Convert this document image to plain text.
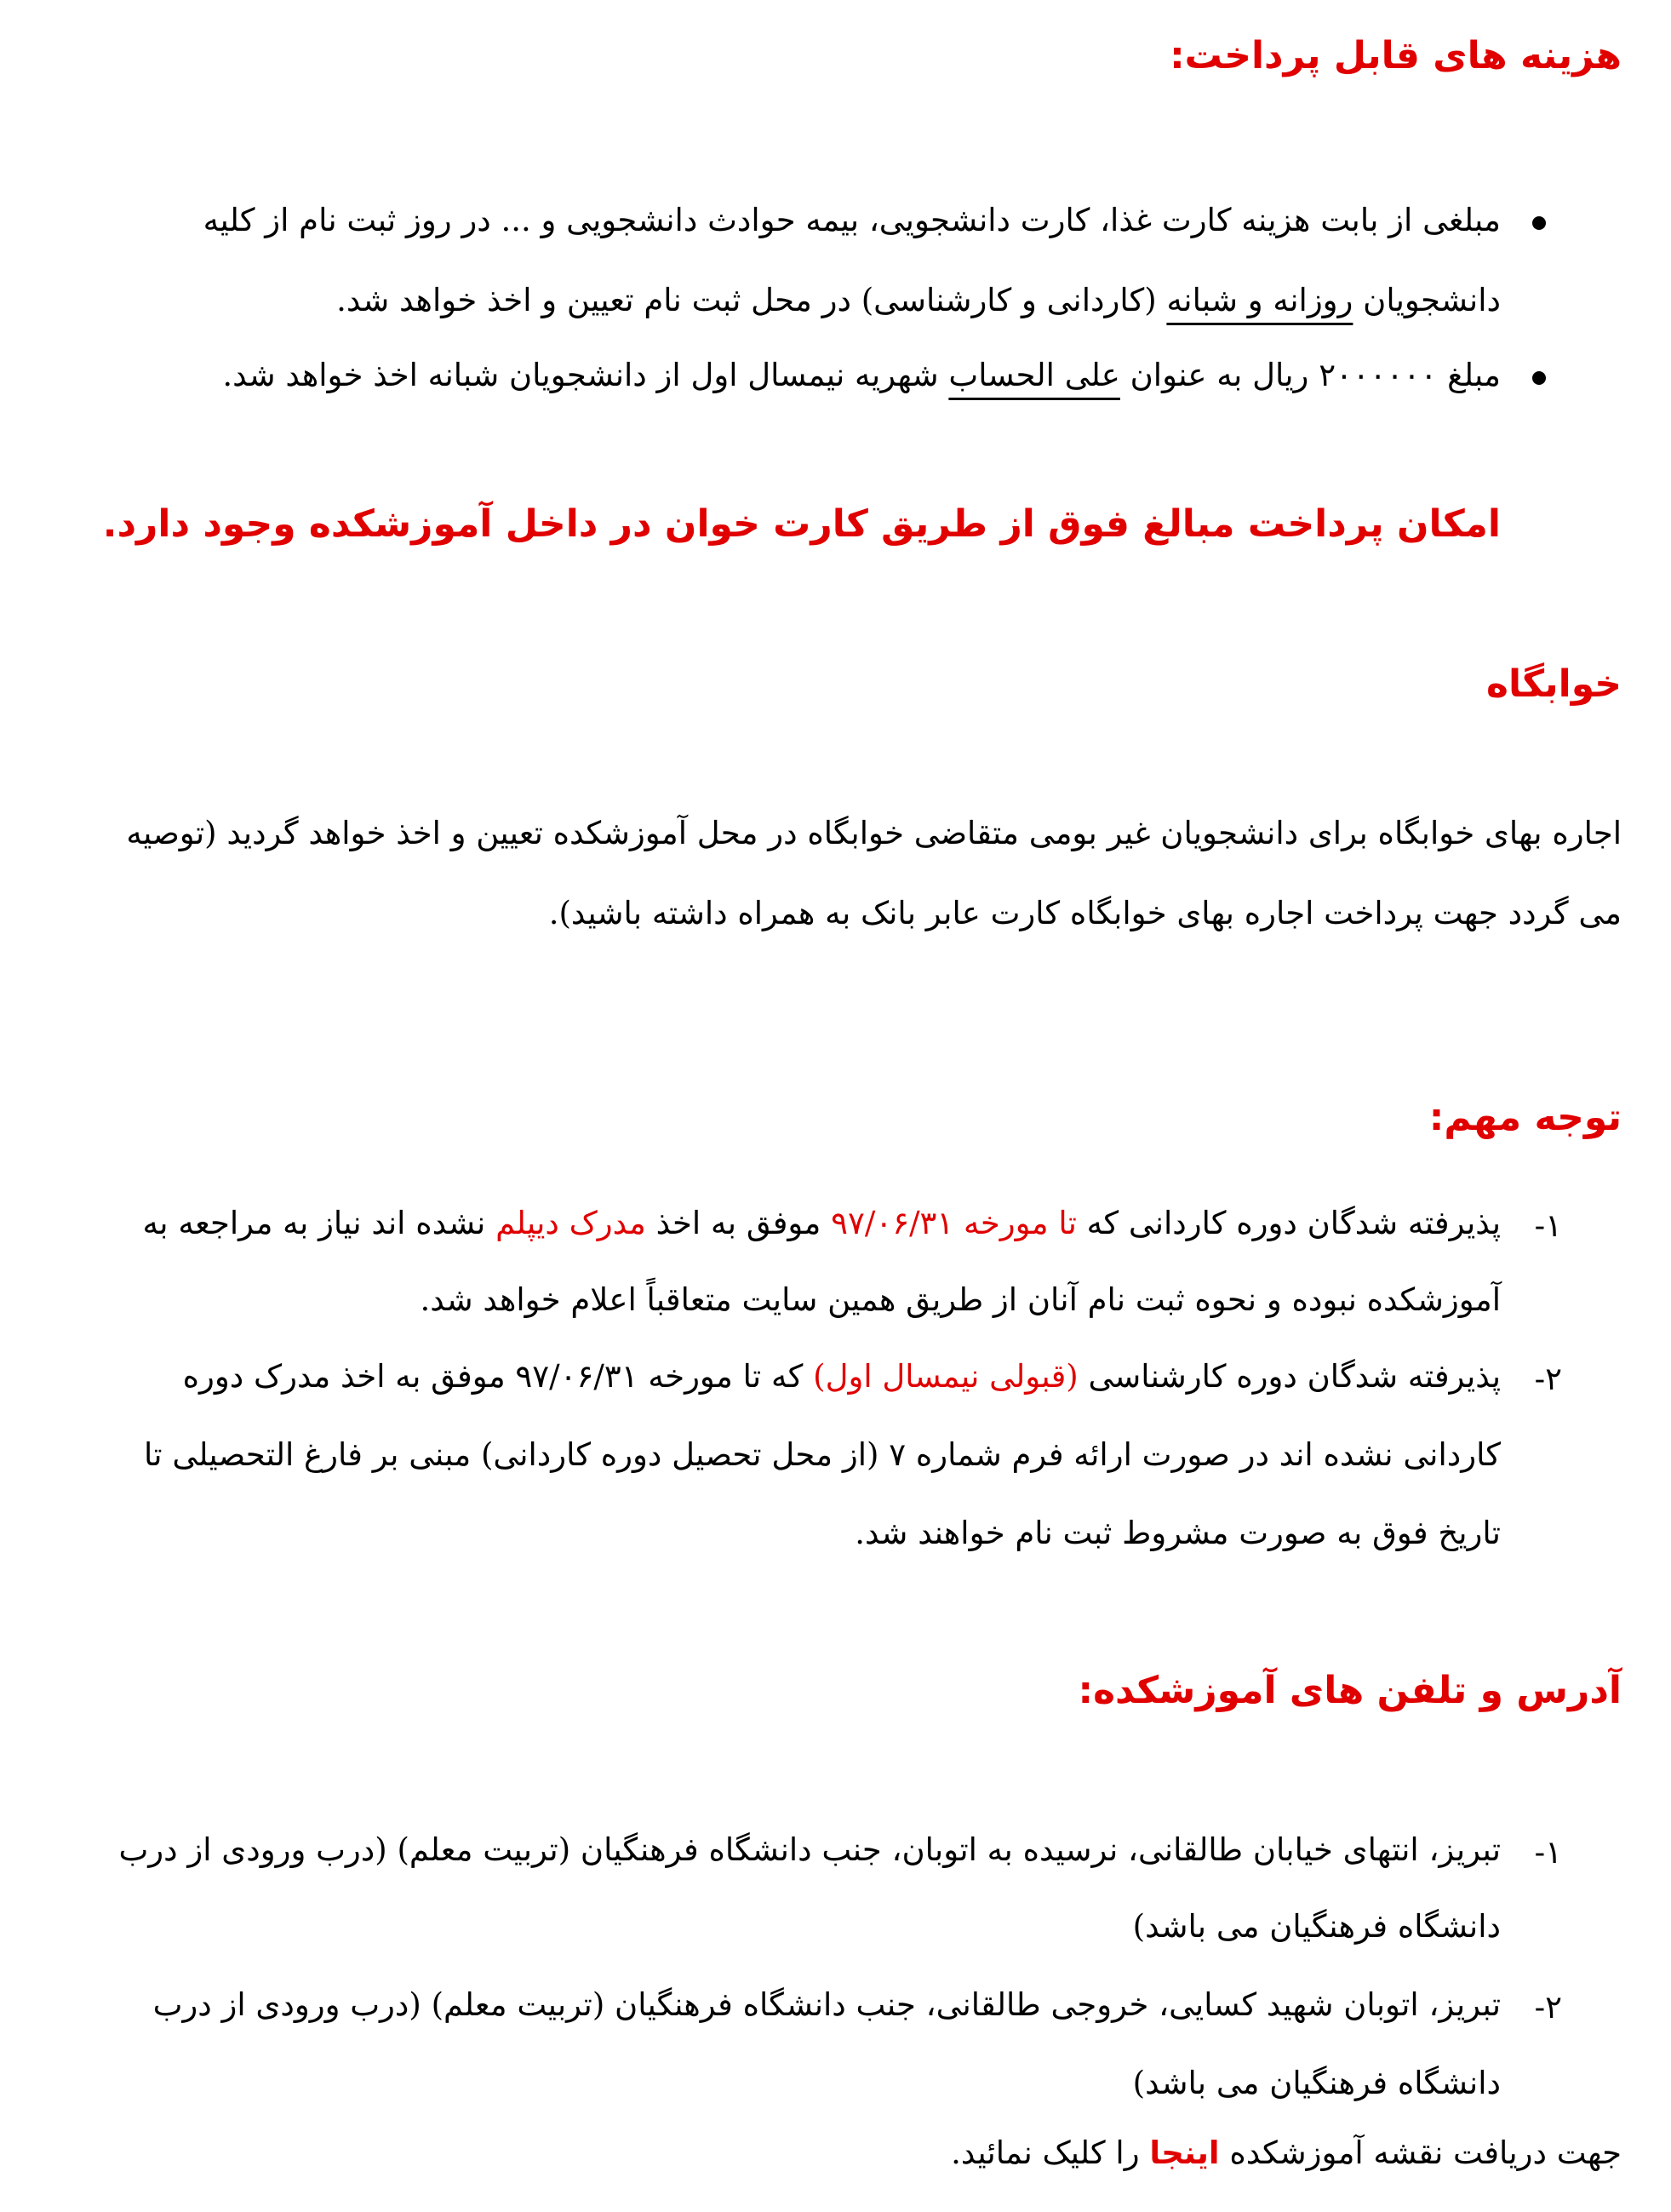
هزینه های قابل پرداخت:
مبلغی از بابت هزینه کارت غذا، کارت دانشجویی، بیمه حوادث دانشجویی و ... در روز ثبت نام از کلیه
دانشجویان روزانه و شبانه (کاردانی و کارشناسی) در محل ثبت نام تعیین و اخذ خواهد شد.
مبلغ ۲۰۰۰۰۰۰ ریال به عنوان علی الحساب شهریه نیمسال اول از دانشجویان شبانه اخذ خواهد شد.
امکان پرداخت مبالغ فوق از طریق کارت خوان در داخل آموزشکده وجود دارد.
خوابگاه
اجاره بهای خوابگاه برای دانشجویان غیر بومی متقاضی خوابگاه در محل آموزشکده تعیین و اخذ خواهد گردید (توصیه
می گردد جهت پرداخت اجاره بهای خوابگاه کارت عابر بانک به همراه داشته باشید).
توجه مهم:
۱-
پذیرفته شدگان دوره کاردانی که تا مورخه ۹۷/۰۶/۳۱ موفق به اخذ مدرک دیپلم نشده اند نیاز به مراجعه به
آموزشکده نبوده و نحوه ثبت نام آنان از طریق همین سایت متعاقباً اعلام خواهد شد.
۲-
پذیرفته شدگان دوره کارشناسی (قبولی نیمسال اول) که تا مورخه ۹۷/۰۶/۳۱ موفق به اخذ مدرک دوره
کاردانی نشده اند در صورت ارائه فرم شماره ۷ (از محل تحصیل دوره کاردانی) مبنی بر فارغ التحصیلی تا
تاریخ فوق به صورت مشروط ثبت نام خواهند شد.
آدرس و تلفن های آموزشکده:
۱-
تبریز، انتهای خیابان طالقانی، نرسیده به اتوبان، جنب دانشگاه فرهنگیان (تربیت معلم) (درب ورودی از درب
دانشگاه فرهنگیان می باشد)
۲-
تبریز، اتوبان شهید کسایی، خروجی طالقانی، جنب دانشگاه فرهنگیان (تربیت معلم) (درب ورودی از درب
دانشگاه فرهنگیان می باشد)
جهت دریافت نقشه آموزشکده اینجا را کلیک نمائید.
